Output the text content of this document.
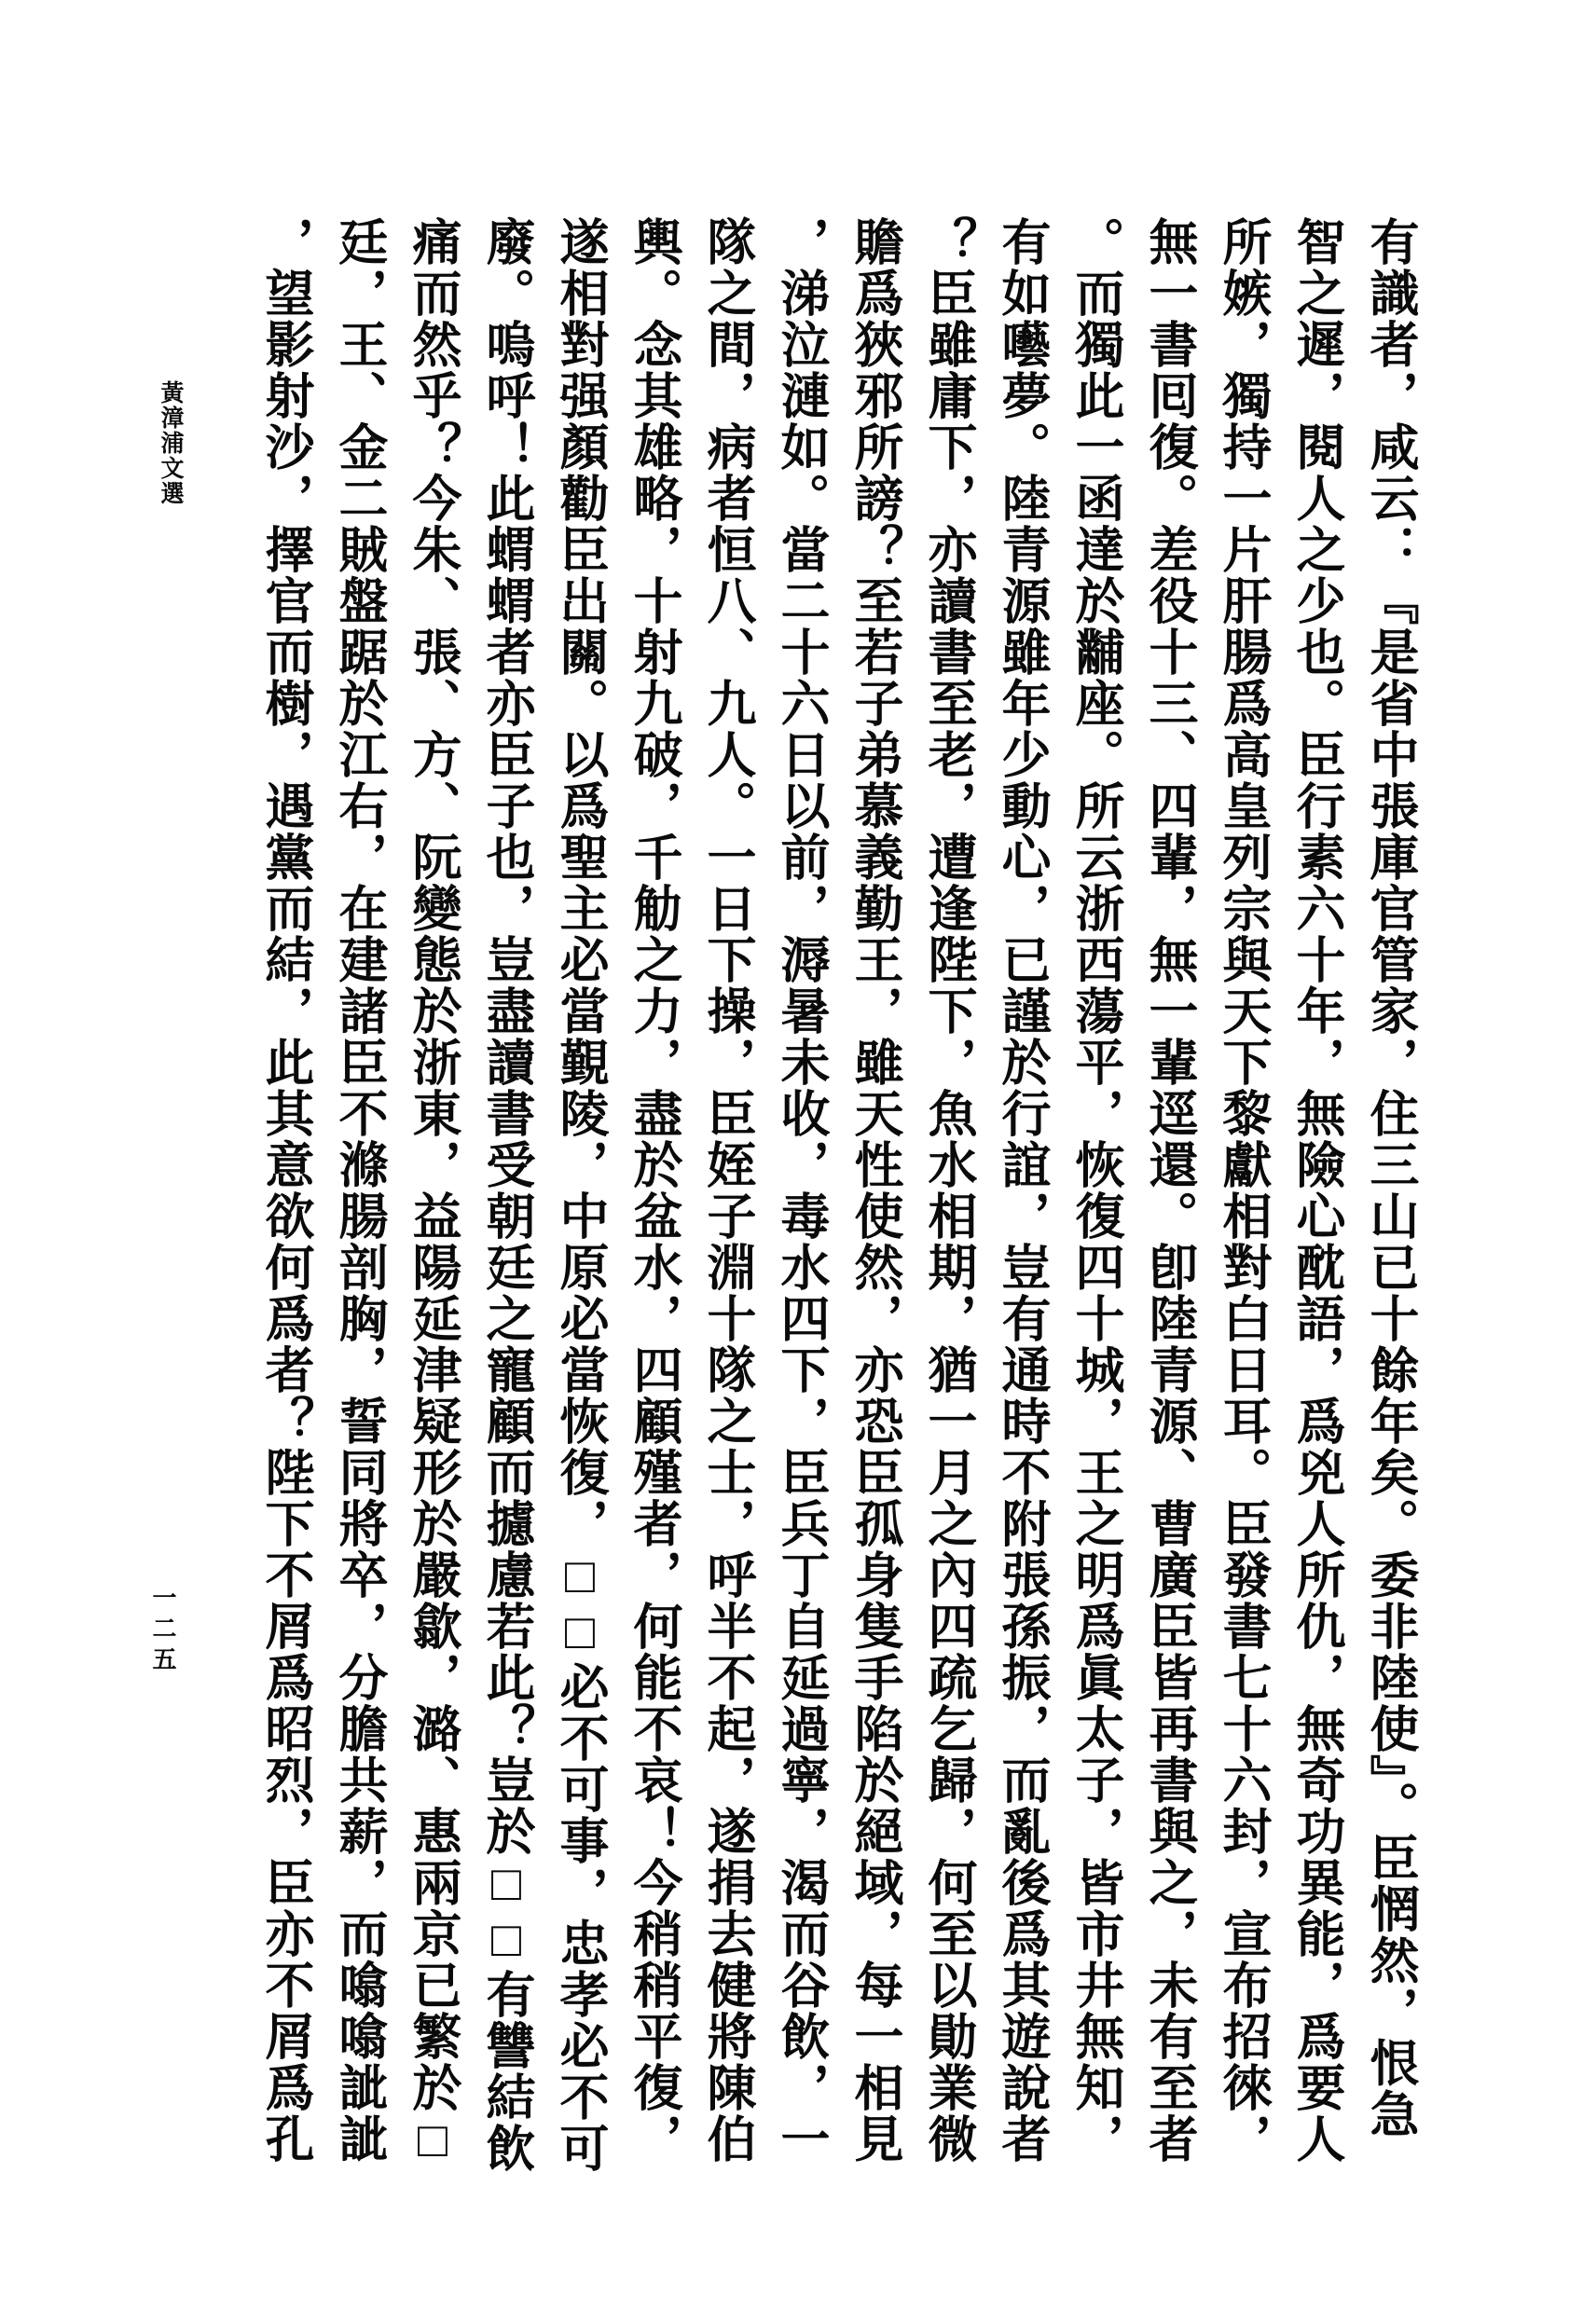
黃漳浦文選
一二五	有識者，咸云：『是省中張庫官管家，住三山已十餘年矣。委非陸使』。臣惘然，恨急
智之遲，閱人之少也。臣行素六十年，無險心酖語，爲兇人所仇，無奇功異能，爲要人
所嫉，獨持一片肝腸爲高皇列宗與天下黎獻相對白日耳。臣發書七十六封，宣布招徠，
無一書囘復。差役十三、四輩，無一輩逕還。卽陸青源、曹廣臣皆再書與之，未有至者
。而獨此一函達於黼座。所云浙西蕩平，恢復四十城，王之明爲眞太子，皆市井無知，
有如囈夢。陸青源雖年少動心，已謹於行誼，豈有通時不附張孫振，而亂後爲其遊說者
？臣雖庸下，亦讀書至老，遭逢陛下，魚水相期，猶一月之內四疏乞歸，何至以勛業微
贍爲狹邪所謗？至若子弟慕義勤王，雖天性使然，亦恐臣孤身隻手陷於絕域，每一相見
，涕泣漣如。當二十六日以前，溽暑未收，毒水四下，臣兵丁自延過寧，渴而谷飲，一
隊之間，病者恒八、九人。一日下操，臣姪子淵十隊之士，呼半不起，遂捐去健將陳伯
輿。念其雄略，十射九破，千觔之力，盡於盆水，四顧殣者，何能不哀！今稍稍平復，
遂相對强顏勸臣出關。以爲聖主必當覲陵，中原必當恢復，□□必不可事，忠孝必不可
廢。嗚呼！此蝟蝟者亦臣子也，豈盡讀書受朝廷之寵顧而攄慮若此？豈於□□有讐結飲
痛而然乎？今朱、張、方、阮變態於浙東，益陽延津疑形於嚴歙，潞、惠兩京已繁於□
廷，王、金二賊盤踞於江右，在建諸臣不滌腸剖胸，誓同將卒，分膽共薪，而噏噏訿訿
，望影射沙，擇官而樹，遇黨而結，此其意欲何爲者？陛下不屑爲昭烈，臣亦不屑爲孔
